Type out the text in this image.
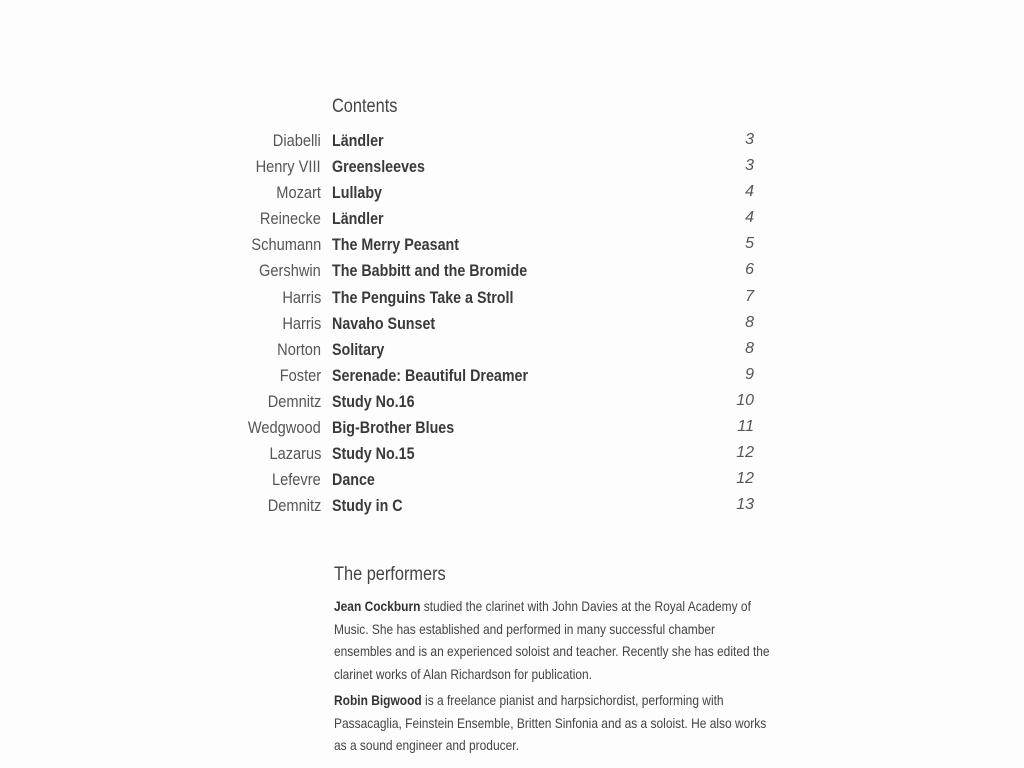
Contents
Diabelli Ländler	3
Henry VIII Greensleeves	3
Mozart Lullaby	4
Reinecke Ländler	4
Schumann The Merry Peasant	5
Gershwin The Babbitt and the Bromide	6
Harris The Penguins Take a Stroll	7
Harris Navaho Sunset	8
Norton Solitary	8
Foster Serenade: Beautiful Dreamer	9
Demnitz Study No.16	10
Wedgwood Big-Brother Blues	11
Lazarus Study No.15	12
Lefevre Dance	12
Demnitz Study in C	13
The performers

Jean Cockburn studied the clarinet with John Davies at the Royal Academy of Music. She has established and performed in many successful chamber ensembles and is an experienced soloist and teacher. Recently she has edited the clarinet works of Alan Richardson for publication.

Robin Bigwood is a freelance pianist and harpsichordist, performing with Passacaglia, Feinstein Ensemble, Britten Sinfonia and as a soloist. He also works as a sound engineer and producer.
